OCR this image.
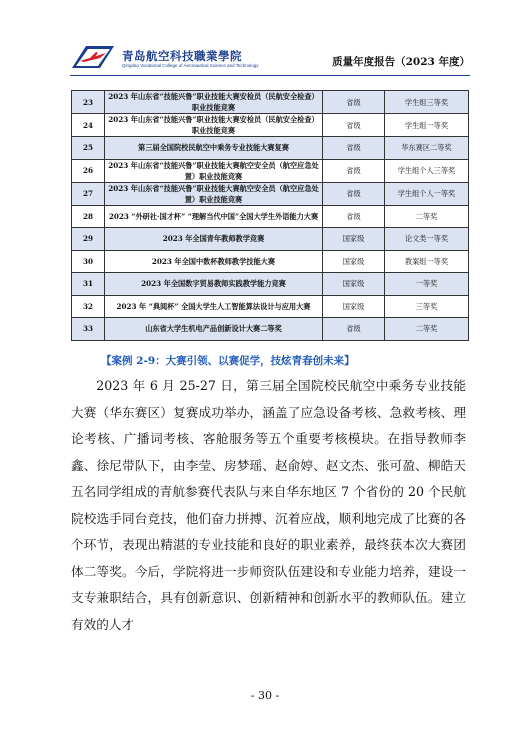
青岛航空科技職業學院
Qingdao Vocational College of Aeronautical Science and Technology	质量年度报告（2023 年度）
23	2023 年山东省“技能兴鲁”职业技能大赛安检员（民航安全检查）职业技能竞赛	省级	学生组三等奖
24	2023 年山东省“技能兴鲁”职业技能大赛安检员（民航安全检查）职业技能竞赛	省级	学生组一等奖
25	第三届全国院校民航空中乘务专业技能大赛复赛	省级	华东赛区二等奖
26	2023 年山东省“技能兴鲁”职业技能大赛航空安全员（航空应急处置）职业技能竞赛	省级	学生组个人三等奖
27	2023 年山东省“技能兴鲁”职业技能大赛航空安全员（航空应急处置）职业技能竞赛	省级	学生组个人一等奖
28	2023 “外研社·国才杯” “理解当代中国”全国大学生外语能力大赛	省级	二等奖
29	2023 年全国青年教师教学竞赛	国家级	论文类一等奖
30	2023 年全国中数杯教师教学技能大赛	国家级	教案组一等奖
31	2023 年全国数字贸易教师实践教学能力竞赛	国家级	一等奖
32	2023 年 “典阅杯” 全国大学生人工智能算法设计与应用大赛	国家级	三等奖
33	山东省大学生机电产品创新设计大赛二等奖	省级	二等奖
【案例 2-9：大赛引领、以赛促学，技炫青春创未来】

2023 年 6 月 25-27 日，第三届全国院校民航空中乘务专业技能大赛（华东赛区）复赛成功举办，涵盖了应急设备考核、急救考核、理论考核、广播词考核、客舱服务等五个重要考核模块。在指导教师李鑫、徐尼带队下，由李莹、房梦瑶、赵俞婷、赵文杰、张可盈、柳皓天五名同学组成的青航参赛代表队与来自华东地区 7 个省份的 20 个民航院校选手同台竞技，他们奋力拼搏、沉着应战，顺利地完成了比赛的各个环节，表现出精湛的专业技能和良好的职业素养，最终获本次大赛团体二等奖。今后，学院将进一步师资队伍建设和专业能力培养，建设一支专兼职结合，具有创新意识、创新精神和创新水平的教师队伍。建立有效的人才

- 30 -
